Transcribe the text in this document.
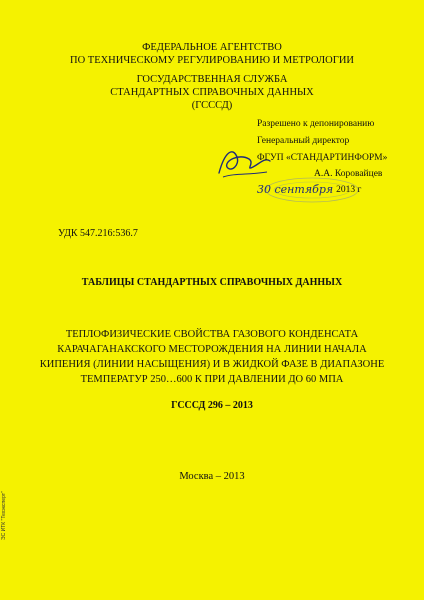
ФЕДЕРАЛЬНОЕ АГЕНТСТВО
ПО ТЕХНИЧЕСКОМУ РЕГУЛИРОВАНИЮ И МЕТРОЛОГИИ
ГОСУДАРСТВЕННАЯ СЛУЖБА
СТАНДАРТНЫХ СПРАВОЧНЫХ ДАННЫХ
(ГСССД)
Разрешено к депонированию
Генеральный директор
ФГУП «СТАНДАРТИНФОРМ»
А.А. Коровайцев
30 сентября 2013 г
УДК 547.216:536.7
ТАБЛИЦЫ СТАНДАРТНЫХ СПРАВОЧНЫХ ДАННЫХ
ТЕПЛОФИЗИЧЕСКИЕ СВОЙСТВА ГАЗОВОГО КОНДЕНСАТА
КАРАЧАГАНАКСКОГО МЕСТОРОЖДЕНИЯ НА ЛИНИИ НАЧАЛА
КИПЕНИЯ (ЛИНИИ НАСЫЩЕНИЯ) И В ЖИДКОЙ ФАЗЕ В ДИАПАЗОНЕ
ТЕМПЕРАТУР 250…600 К ПРИ ДАВЛЕНИИ ДО 60 МПА
ГСССД 296 – 2013
Москва – 2013
ЭС ИТК "Техэксперт"
